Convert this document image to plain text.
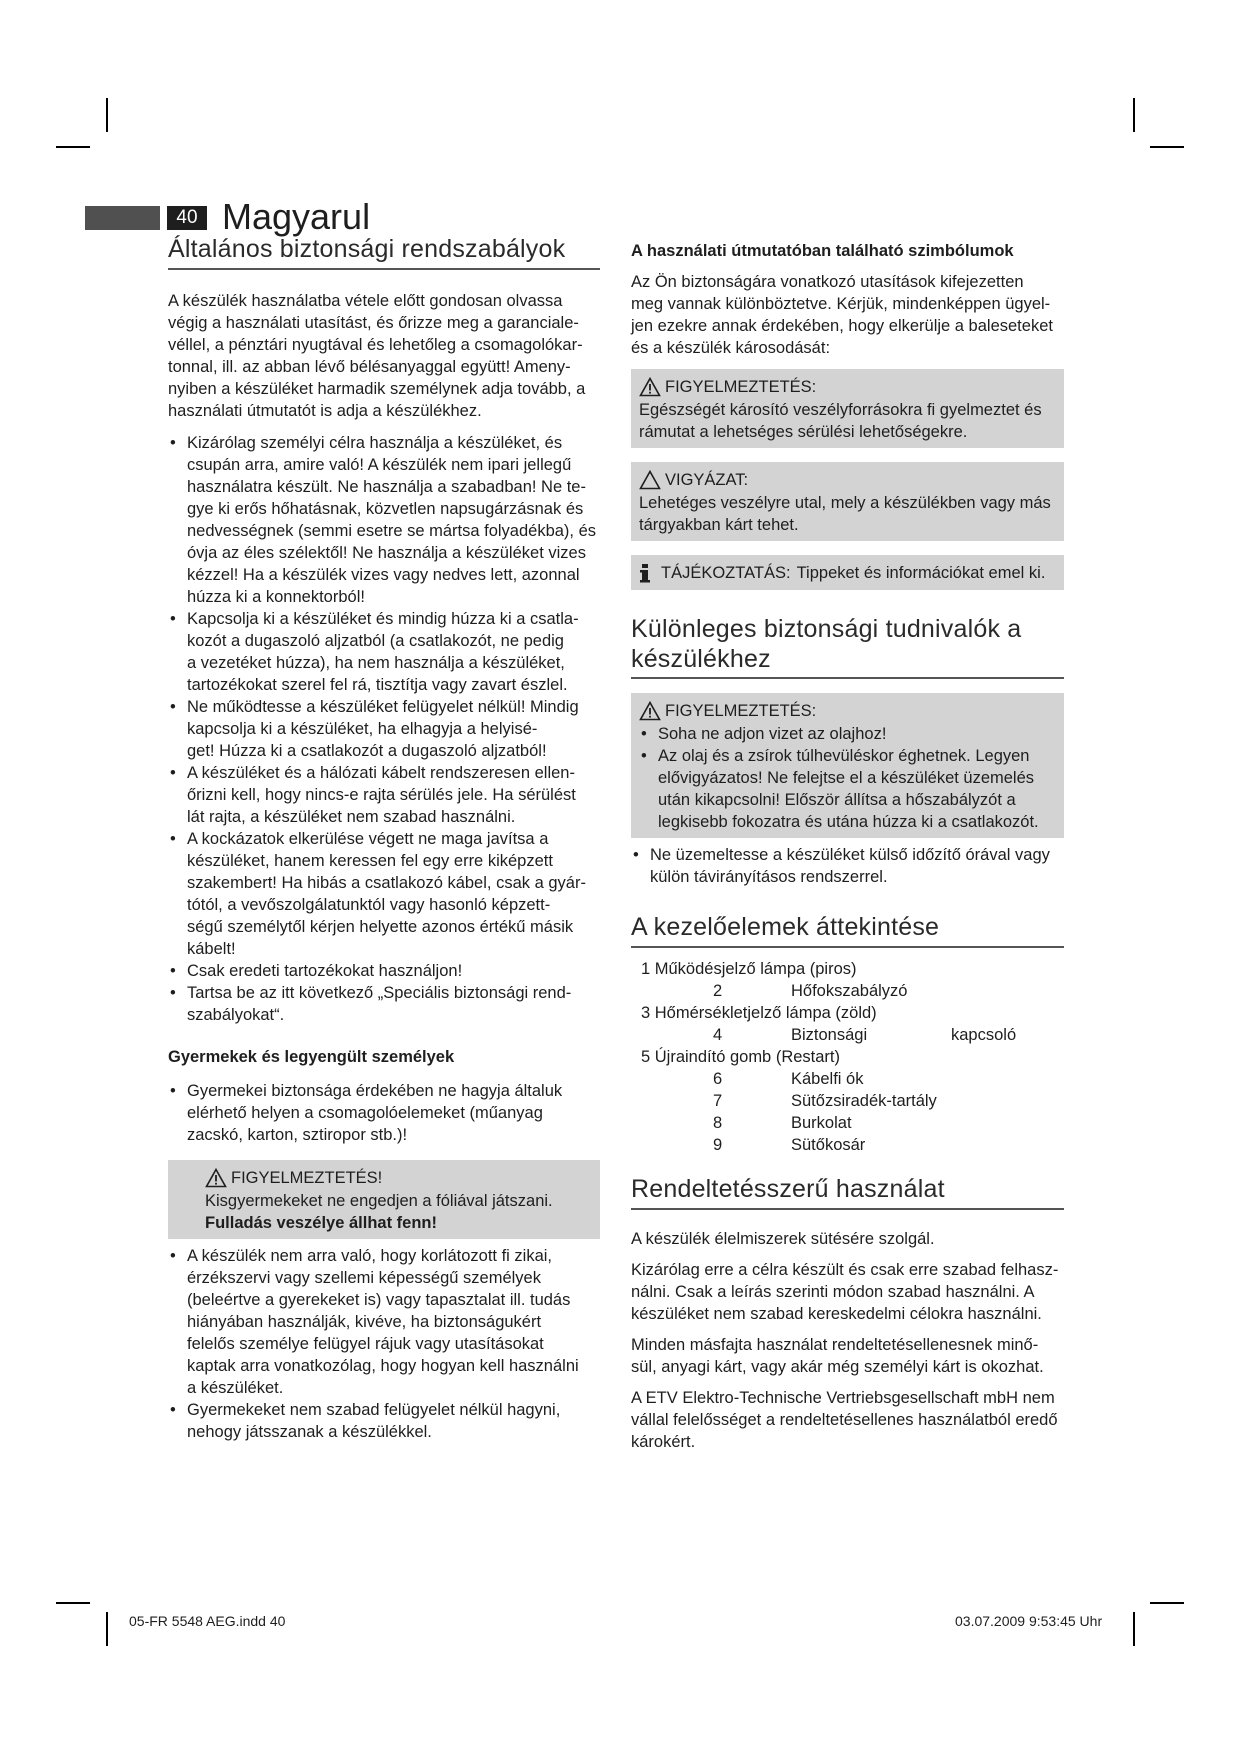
40 Magyarul
Általános biztonsági rendszabályok

A készülék használatba vétele előtt gondosan olvassa
végig a használati utasítást, és őrizze meg a garanciale-
véllel, a pénztári nyugtával és lehetőleg a csomagolókar-
tonnal, ill. az abban lévő bélésanyaggal együtt! Ameny-
nyiben a készüléket harmadik személynek adja tovább, a
használati útmutatót is adja a készülékhez.

• Kizárólag személyi célra használja a készüléket, és
csupán arra, amire való! A készülék nem ipari jellegű
használatra készült. Ne használja a szabadban! Ne te-
gye ki erős hőhatásnak, közvetlen napsugárzásnak és
nedvességnek (semmi esetre se mártsa folyadékba), és
óvja az éles szélektől! Ne használja a készüléket vizes
kézzel! Ha a készülék vizes vagy nedves lett, azonnal
húzza ki a konnektorból!
• Kapcsolja ki a készüléket és mindig húzza ki a csatla-
kozót a dugaszoló aljzatból (a csatlakozót, ne pedig
a vezetéket húzza), ha nem használja a készüléket,
tartozékokat szerel fel rá, tisztítja vagy zavart észlel.
• Ne működtesse a készüléket felügyelet nélkül! Mindig
kapcsolja ki a készüléket, ha elhagyja a helyisé-
get! Húzza ki a csatlakozót a dugaszoló aljzatból!
• A készüléket és a hálózati kábelt rendszeresen ellen-
őrizni kell, hogy nincs-e rajta sérülés jele. Ha sérülést
lát rajta, a készüléket nem szabad használni.
• A kockázatok elkerülése végett ne maga javítsa a
készüléket, hanem keressen fel egy erre kiképzett
szakembert! Ha hibás a csatlakozó kábel, csak a gyár-
tótól, a vevőszolgálatunktól vagy hasonló képzett-
ségű személytől kérjen helyette azonos értékű másik
kábelt!
• Csak eredeti tartozékokat használjon!
• Tartsa be az itt következő „Speciális biztonsági rend-
szabályokat“.
Gyermekek és legyengült személyek
• Gyermekei biztonsága érdekében ne hagyja általuk
elérhető helyen a csomagolóelemeket (műanyag
zacskó, karton, sztiropor stb.)!
FIGYELMEZTETÉS!
Kisgyermekeket ne engedjen a fóliával játszani.
Fulladás veszélye állhat fenn!
• A készülék nem arra való, hogy korlátozott fi zikai,
érzékszervi vagy szellemi képességű személyek
(beleértve a gyerekeket is) vagy tapasztalat ill. tudás
hiányában használják, kivéve, ha biztonságukért
felelős személye felügyel rájuk vagy utasításokat
kaptak arra vonatkozólag, hogy hogyan kell használni
a készüléket.
• Gyermekeket nem szabad felügyelet nélkül hagyni,
nehogy játsszanak a készülékkel.
A használati útmutatóban található szimbólumok

Az Ön biztonságára vonatkozó utasítások kifejezetten
meg vannak különböztetve. Kérjük, mindenképpen ügyel-
jen ezekre annak érdekében, hogy elkerülje a baleseteket
és a készülék károsodását:

FIGYELMEZTETÉS:
Egészségét károsító veszélyforrásokra fi gyelmeztet és
rámutat a lehetséges sérülési lehetőségekre.
VIGYÁZAT:
Lehetéges veszélyre utal, mely a készülékben vagy más
tárgyakban kárt tehet.
TÁJÉKOZTATÁS: Tippeket és információkat emel ki.
Különleges biztonsági tudnivalók a
készülékhez
FIGYELMEZTETÉS:
• Soha ne adjon vizet az olajhoz!
• Az olaj és a zsírok túlhevüléskor éghetnek. Legyen
elővigyázatos! Ne felejtse el a készüléket üzemelés
után kikapcsolni! Először állítsa a hőszabályzót a
legkisebb fokozatra és utána húzza ki a csatlakozót.
• Ne üzemeltesse a készüléket külső időzítő órával vagy
külön távirányításos rendszerrel.
A kezelőelemek áttekintése
1 Működésjelző lámpa (piros)		
2	Hőfokszabályzó	
3 Hőmérsékletjelző lámpa (zöld)		
4	Biztonsági	kapcsoló
5 Újraindító gomb (Restart)		
6	Kábelfi ók	
7	Sütőzsiradék-tartály	
8	Burkolat	
9	Sütőkosár	
Rendeltetésszerű használat

A készülék élelmiszerek sütésére szolgál.

Kizárólag erre a célra készült és csak erre szabad felhasz-
nálni. Csak a leírás szerinti módon szabad használni. A
készüléket nem szabad kereskedelmi célokra használni.

Minden másfajta használat rendeltetésellenesnek minő-
sül, anyagi kárt, vagy akár még személyi kárt is okozhat.

A ETV Elektro-Technische Vertriebsgesellschaft mbH nem
vállal felelősséget a rendeltetésellenes használatból eredő
károkért.

05-FR 5548 AEG.indd 40	03.07.2009 9:53:45 Uhr
